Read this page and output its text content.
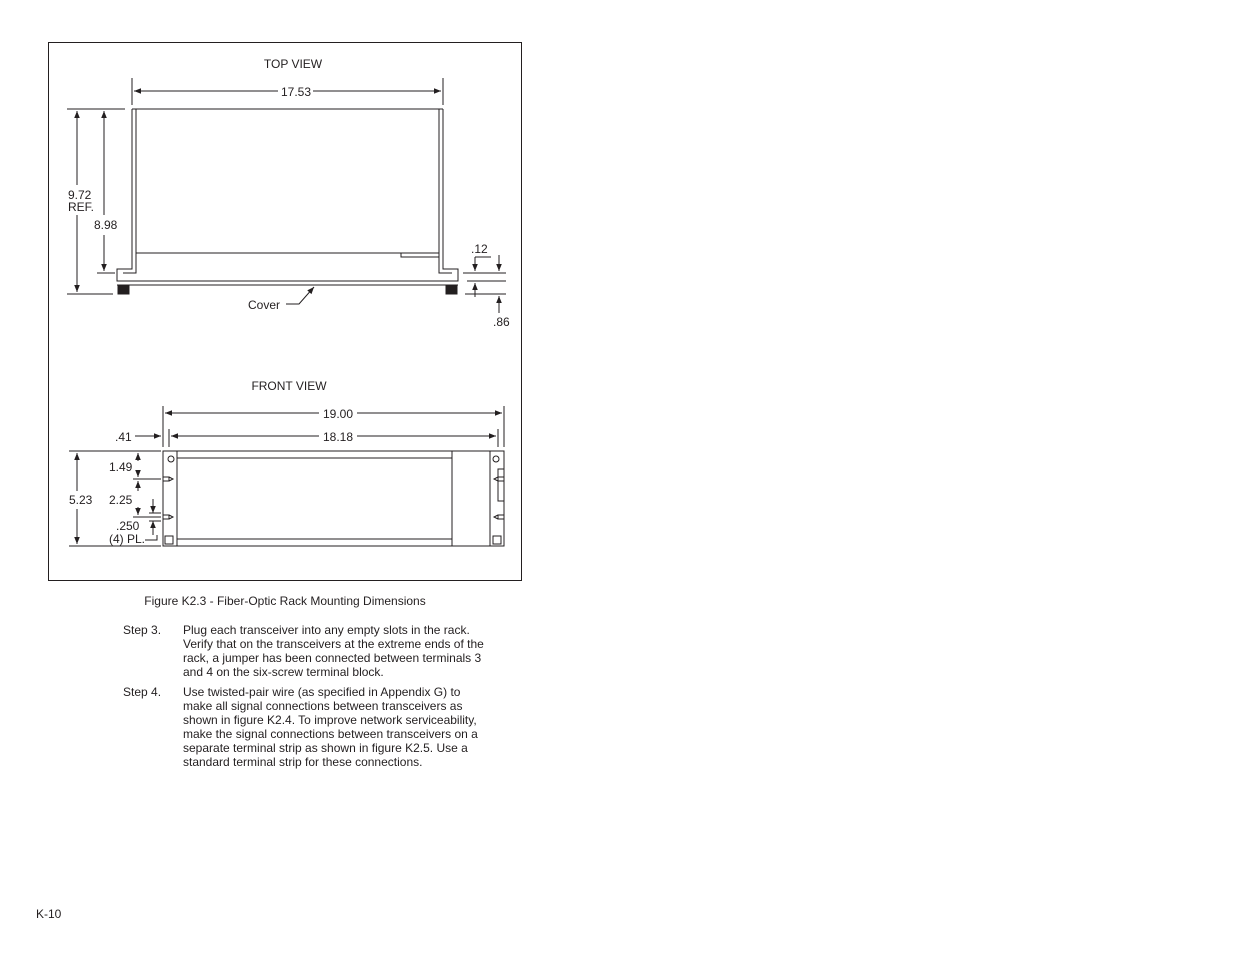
TOP VIEW
17.53
9.72
REF.
8.98
.12
.86
Cover
FRONT VIEW
19.00
18.18
.41
5.23
1.49
2.25
.250
(4) PL.
Figure K2.3 - Fiber-Optic Rack Mounting Dimensions
Step 3.	Plug each transceiver into any empty slots in the rack.
Verify that on the transceivers at the extreme ends of the
rack, a jumper has been connected between terminals 3
and 4 on the six-screw terminal block.
Step 4.	Use twisted-pair wire (as specified in Appendix G) to
make all signal connections between transceivers as
shown in figure K2.4. To improve network serviceability,
make the signal connections between transceivers on a
separate terminal strip as shown in figure K2.5. Use a
standard terminal strip for these connections.
K-10
